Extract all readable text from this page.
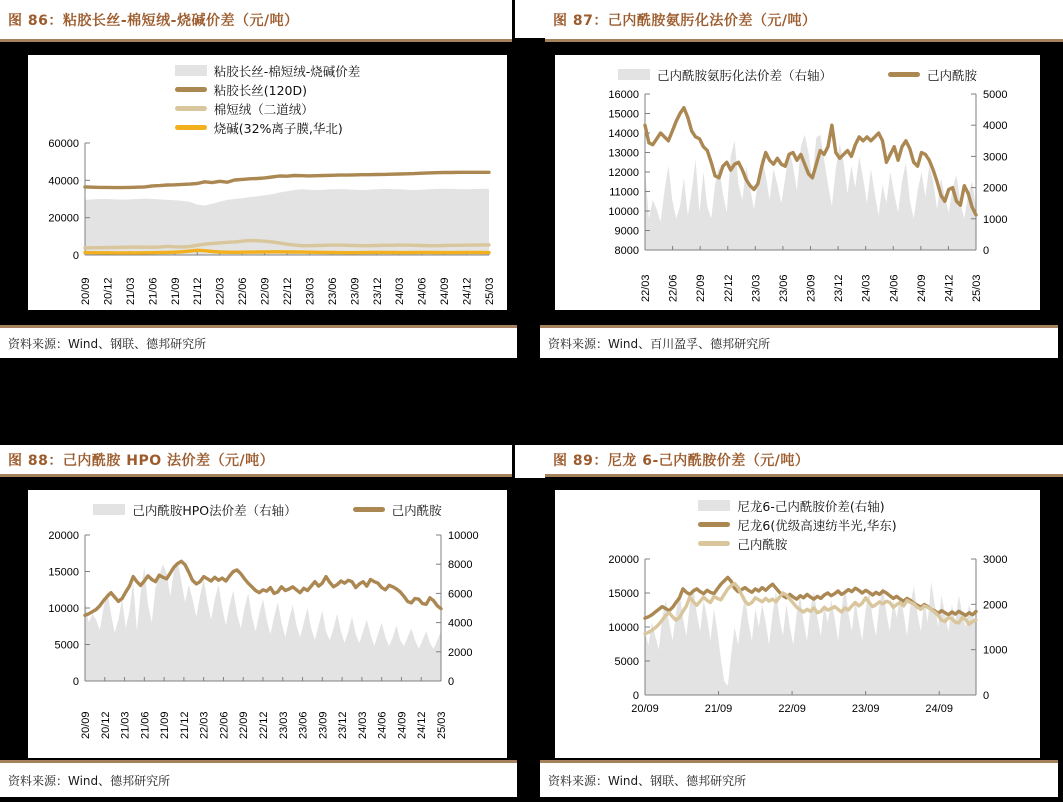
图 86：粘胶长丝-棉短绒-烧碱价差（元/吨）
粘胶长丝-棉短绒-烧碱价差
粘胶长丝(120D)
棉短绒（二道绒）
烧碱(32%离子膜,华北)
0
20000
40000
60000
20/09 20/12 21/03 21/06 21/09 21/12 22/03 22/06 22/09 22/12 23/03 23/06 23/09 23/12 24/03 24/06 24/09 24/12 25/03
资料来源：Wind、钢联、德邦研究所
图 87：己内酰胺氨肟化法价差（元/吨）
己内酰胺氨肟化法价差（右轴）	己内酰胺
8000
9000
10000
11000
12000
13000
14000
15000
16000
0
1000
2000
3000
4000
5000
22/03 22/06 22/09 22/12 23/03 23/06 23/09 23/12 24/03 24/06 24/09 24/12 25/03
资料来源：Wind、百川盈孚、德邦研究所
图 88：己内酰胺 HPO 法价差（元/吨）
己内酰胺HPO法价差（右轴）	己内酰胺
0
5000
10000
15000
20000
0
2000
4000
6000
8000
10000
20/09 20/12 21/03 21/06 21/09 21/12 22/03 22/06 22/09 22/12 23/03 23/06 23/09 23/12 24/03 24/06 24/09 24/12 25/03
资料来源：Wind、德邦研究所
图 89：尼龙 6-己内酰胺价差（元/吨）
尼龙6-己内酰胺价差(右轴)
尼龙6(优级高速纺半光,华东)
己内酰胺
0
5000
10000
15000
20000
0
1000
2000
3000
20/09	21/09	22/09	23/09	24/09
资料来源：Wind、钢联、德邦研究所
